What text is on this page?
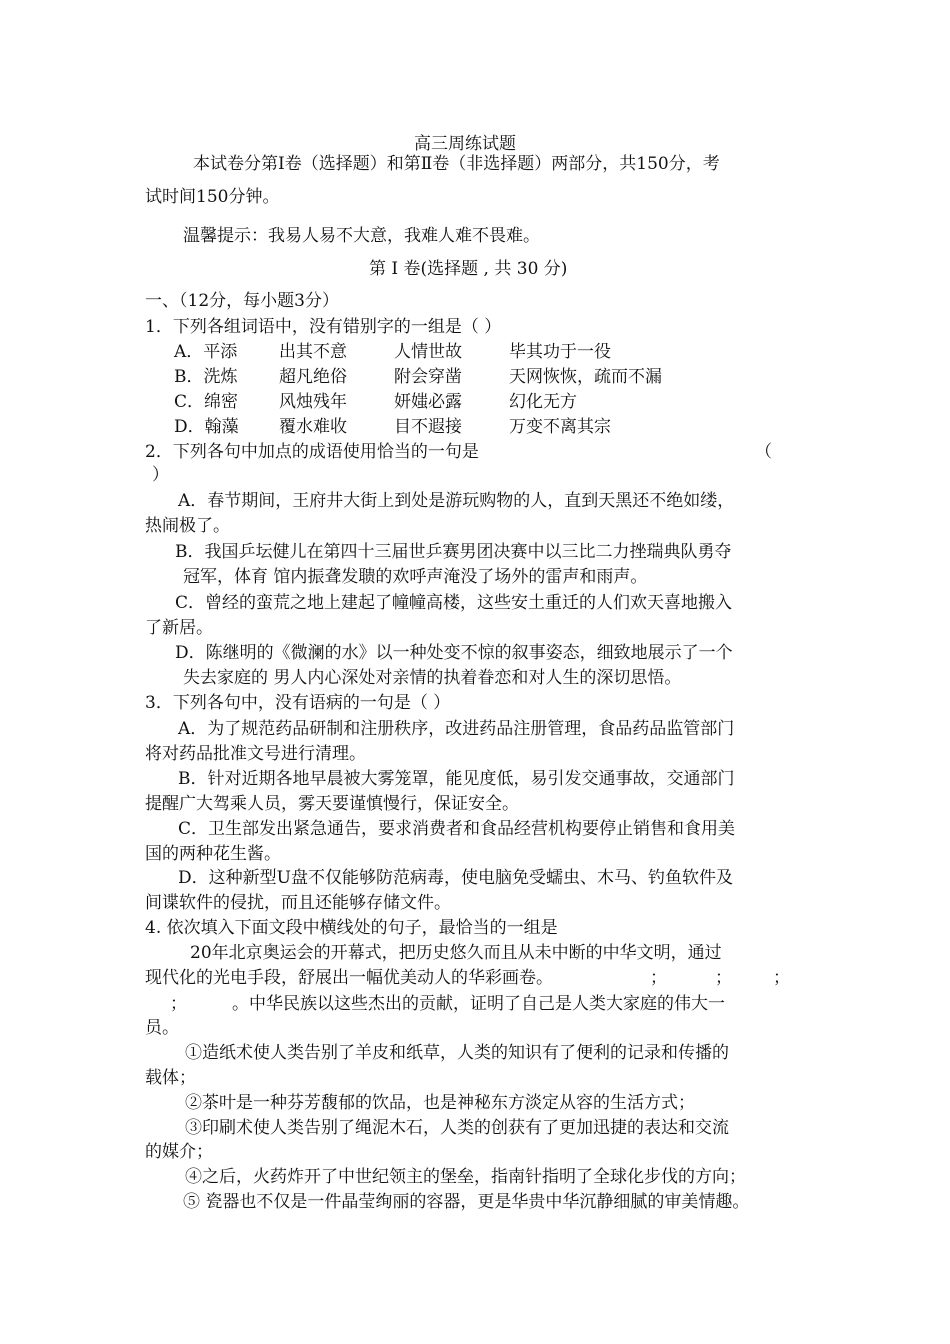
高三周练试题
本试卷分第Ⅰ卷（选择题）和第Ⅱ卷（非选择题）两部分，共150分，考
试时间150分钟。
温馨提示：我易人易不大意，我难人难不畏难。
第 Ⅰ 卷(选择题 , 共 30 分)
一、（12分，每小题3分）
1．下列各组词语中，没有错别字的一组是（ ）
A．平添 出其不意	人情世故	毕其功于一役
B．洗炼 超凡绝俗	附会穿凿	天网恢恢，疏而不漏
C．绵密 风烛残年	妍媸必露	幻化无方
D．翰藻 覆水难收	目不遐接	万变不离其宗
2．下列各句中加点的成语使用恰当的一句是	（
）
A．春节期间，王府井大街上到处是游玩购物的人，直到天黑还不绝如缕，
热闹极了。
B．我国乒坛健儿在第四十三届世乒赛男团决赛中以三比二力挫瑞典队勇夺
冠军，体育 馆内振聋发聩的欢呼声淹没了场外的雷声和雨声。
C．曾经的蛮荒之地上建起了幢幢高楼，这些安土重迁的人们欢天喜地搬入
了新居。
D．陈继明的《微澜的水》以一种处变不惊的叙事姿态，细致地展示了一个
失去家庭的 男人内心深处对亲情的执着眷恋和对人生的深切思悟。
3．下列各句中，没有语病的一句是（ ）
A．为了规范药品研制和注册秩序，改进药品注册管理，食品药品监管部门
将对药品批准文号进行清理。
B．针对近期各地早晨被大雾笼罩，能见度低，易引发交通事故，交通部门
提醒广大驾乘人员，雾天要谨慎慢行，保证安全。
C．卫生部发出紧急通告，要求消费者和食品经营机构要停止销售和食用美
国的两种花生酱。
D．这种新型U盘不仅能够防范病毒，使电脑免受蠕虫、木马、钓鱼软件及
间谍软件的侵扰，而且还能够存储文件。
4. 依次填入下面文段中横线处的句子，最恰当的一组是
20年北京奥运会的开幕式，把历史悠久而且从未中断的中华文明，通过
现代化的光电手段，舒展出一幅优美动人的华彩画卷。	；	； ；
；	。中华民族以这些杰出的贡献，证明了自己是人类大家庭的伟大一
员。
①造纸术使人类告别了羊皮和纸草，人类的知识有了便利的记录和传播的
载体；
②茶叶是一种芬芳馥郁的饮品，也是神秘东方淡定从容的生活方式；
③印刷术使人类告别了绳泥木石，人类的创获有了更加迅捷的表达和交流
的媒介；
④之后，火药炸开了中世纪领主的堡垒，指南针指明了全球化步伐的方向；
⑤ 瓷器也不仅是一件晶莹绚丽的容器，更是华贵中华沉静细腻的审美情趣。
